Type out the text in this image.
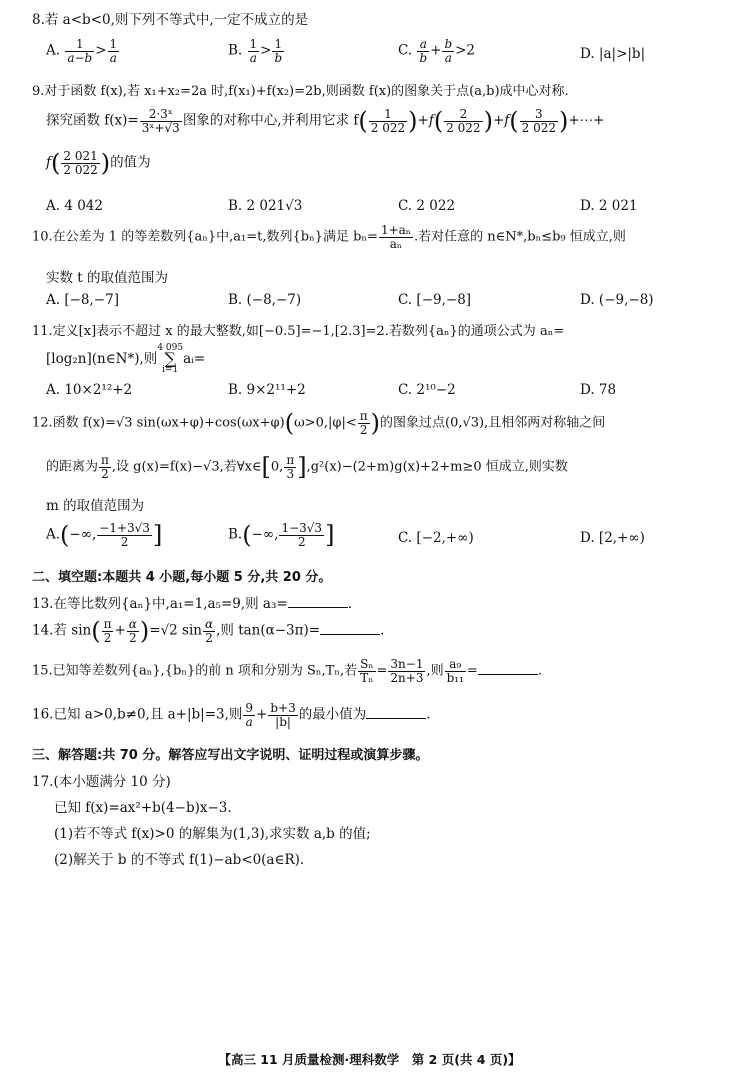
8.若 a<b<0,则下列不等式中,一定不成立的是
A. $\frac{1}{a-b} > \frac{1}{a}$	B. $\frac{1}{a} > \frac{1}{b}$	C. $\frac{a}{b} + \frac{b}{a} >2$	D. |a|>|b|
9.对于函数 f(x),若 x₁+x₂=2a 时,f(x₁)+f(x₂)=2b,则函数 f(x)的图象关于点(a,b)成中心对称.
探究函数 $f(x)= \frac{\text{2·3ˣ}}{\text{3ˣ+√3}}$ 图象的对称中心,并利用它求 $f( \frac{1}{2 022} )+f( \frac{2}{2 022} )+f( \frac{3}{2 022}$ )+⋯+
$f( \frac{2 021}{2 022}$ )的值为
A. 4 042	B. 2 021√3	C. 2 022	D. 2 021
10.在公差为 1 的等差数列{aₙ}中,a₁=t,数列{bₙ}满足 $b_n= \frac{\text{1+aₙ}}{\text{aₙ}}$ .若对任意的 n∈N*,bₙ≤b₉ 恒成立,则
实数 t 的取值范围为
A. [−8,−7]	B. (−8,−7)	C. [−9,−8]	D. (−9,−8)
11.定义[x]表示不超过 x 的最大整数,如[−0.5]=−1,[2.3]=2.若数列{aₙ}的通项公式为 aₙ=
[log₂n](n∈N*),则4 095
∑
i=1aᵢ=
A. 10×2¹²+2	B. 9×2¹¹+2	C. 2¹⁰−2	D. 78
12.函数 f(x)=√3 $\sin(\omega x+\varphi)+\cos(\omega x+\varphi)(\omega>0,|\varphi|< \frac{\pi}{2}$ )的图象过点(0,√3),且相邻两对称轴之间
的距离为 $\frac{\pi}{2}$ ,设 g(x)=f(x)−√3,若∀x∈[0, $\frac{\pi}{3} ],g^2(x)-(2+m)g(x)+2+m\ge 0$ 恒成立,则实数
m 的取值范围为
A.(−∞, $\frac{-1+3√3}{2}$ ]	B.(−∞, $\frac{1-3√3}{2}$ ]	C. [−2,+∞)	D. [2,+∞)
二、填空题:本题共 4 小题,每小题 5 分,共 20 分。
13.在等比数列{aₙ}中,a₁=1,a₅=9,则 a₃=	.
14.若 $\sin( \frac{\pi}{2} + \frac{\alpha}{2} )=√2$ $\sin \frac{\alpha}{2}$ ,则 tan(α−3π)=	.
15.已知等差数列{aₙ},{bₙ}的前 n 项和分别为 Sₙ,Tₙ,若 $\frac{\text{Sₙ}}{\text{Tₙ}} = \frac{3n-1}{2n+3}$ ,则 $\frac{\text{a₉}}{\text{b₁₁}}$ =	.
16.已知 a>0,b≠0,且 a+|b|=3,则 $\frac{9}{a} + \frac{b+3}{|b|}$ 的最小值为	.
三、解答题:共 70 分。解答应写出文字说明、证明过程或演算步骤。
17.(本小题满分 10 分)
已知 f(x)=ax²+b(4−b)x−3.
(1)若不等式 f(x)>0 的解集为(1,3),求实数 a,b 的值;
(2)解关于 b 的不等式 f(1)−ab<0(a∈R).
【高三 11 月质量检测·理科数学　第 2 页(共 4 页)】
